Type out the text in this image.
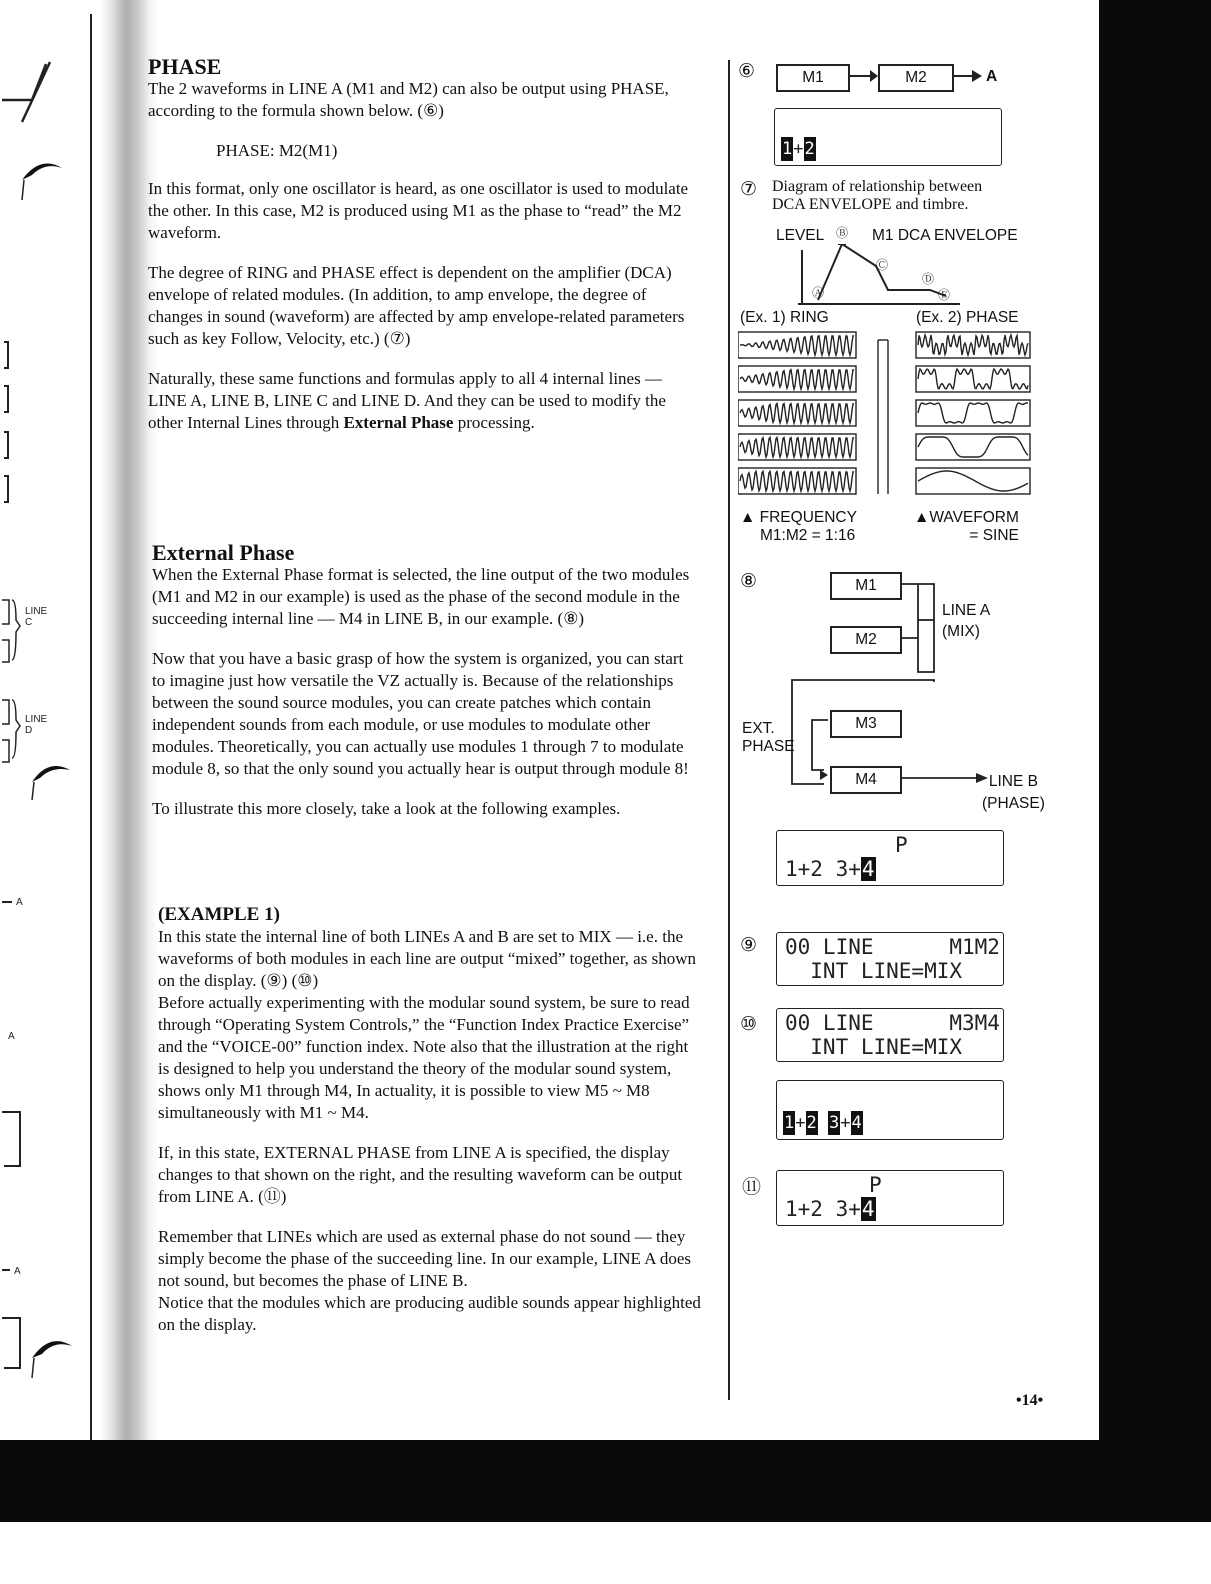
LINE
C
LINE
D
A
A
A
PHASE

The 2 waveforms in LINE A (M1 and M2) can also be output using PHASE, according to the formula shown below. (⑥)

PHASE: M2(M1)

In this format, only one oscillator is heard, as one oscillator is used to modulate the other. In this case, M2 is produced using M1 as the phase to “read” the M2 waveform.

The degree of RING and PHASE effect is dependent on the amplifier (DCA) envelope of related modules. (In addition, to amp envelope, the degree of changes in sound (waveform) are affected by amp envelope-related parameters such as key Follow, Velocity, etc.) (⑦)

Naturally, these same functions and formulas apply to all 4 internal lines — LINE A, LINE B, LINE C and LINE D. And they can be used to modify the other Internal Lines through External Phase processing.

External Phase

When the External Phase format is selected, the line output of the two modules (M1 and M2 in our example) is used as the phase of the second module in the succeeding internal line — M4 in LINE B, in our example. (⑧)

Now that you have a basic grasp of how the system is organized, you can start to imagine just how versatile the VZ actually is. Because of the relationships between the sound source modules, you can create patches which contain independent sounds from each module, or use modules to modulate other modules. Theoretically, you can actually use modules 1 through 7 to modulate module 8, so that the only sound you actually hear is output through module 8!

To illustrate this more closely, take a look at the following examples.

(EXAMPLE 1)

In this state the internal line of both LINEs A and B are set to MIX — i.e. the waveforms of both modules in each line are output “mixed” together, as shown on the display. (⑨) (⑩)

Before actually experimenting with the modular sound system, be sure to read through “Operating System Controls,” the “Function Index Practice Exercise” and the “VOICE-00” function index. Note also that the illustration at the right is designed to help you understand the theory of the modular sound system, shows only M1 through M4, In actuality, it is possible to view M5 ~ M8 simultaneously with M1 ~ M4.

If, in this state, EXTERNAL PHASE from LINE A is specified, the display changes to that shown on the right, and the resulting waveform can be output from LINE A. (⑪)

Remember that LINEs which are used as external phase do not sound — they simply become the phase of the succeeding line. In our example, LINE A does not sound, but becomes the phase of LINE B.

Notice that the modules which are producing audible sounds appear highlighted on the display.

⑥	M1	M2	A
1+2
⑦ Diagram of relationship between DCA ENVELOPE and timbre.
LEVEL	M1 DCA ENVELOPE
Ⓐ
Ⓑ
Ⓒ
Ⓓ
Ⓔ
(Ex. 1) RING	(Ex. 2) PHASE
▲ FREQUENCY
M1:M2 = 1:16
▲WAVEFORM
= SINE
⑧	M1
M2
M3
M4
LINE A
(MIX)
EXT.
PHASE
LINE B
(PHASE)
P
1+2 3+4
⑨

00 LINE      M1M2

INT LINE=MIX

⑩

00 LINE      M3M4

INT LINE=MIX

1+2 3+4
⑪	P
1+2 3+4
•14•
